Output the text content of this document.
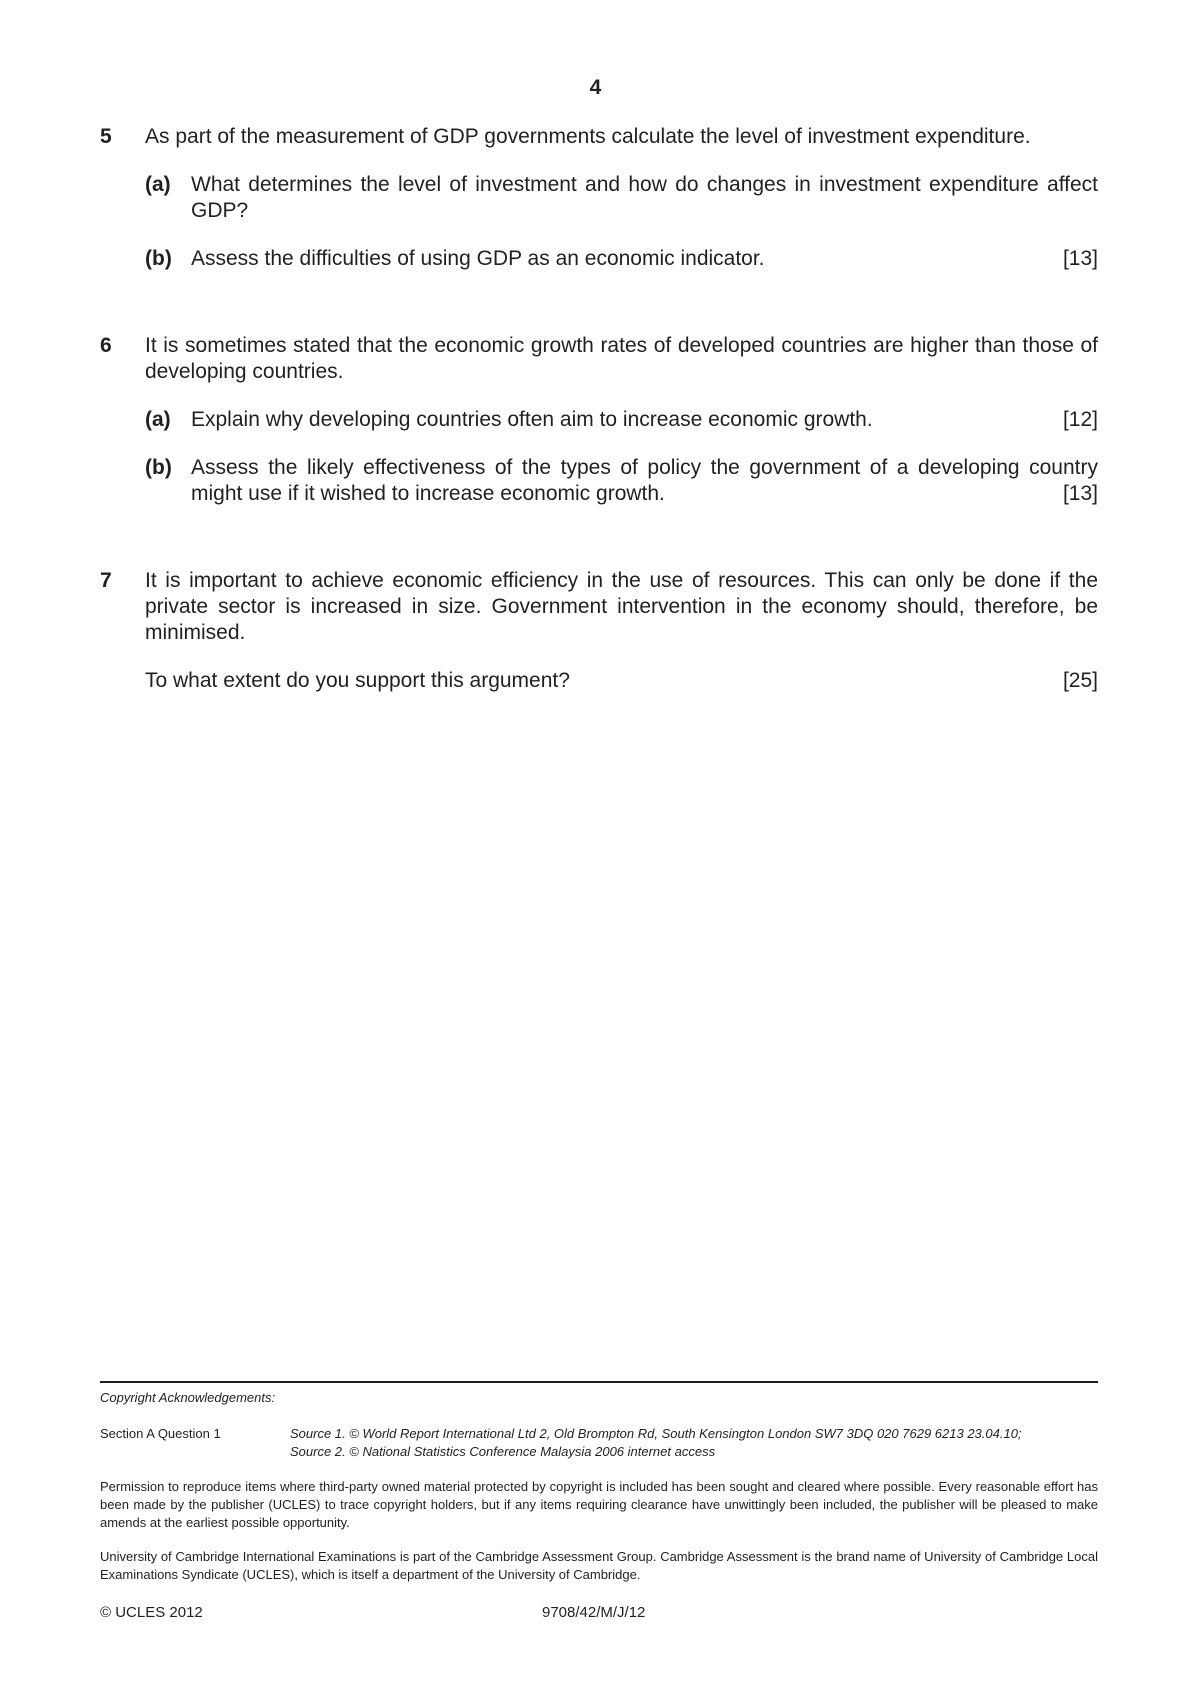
4
5 As part of the measurement of GDP governments calculate the level of investment expenditure.
(a) What determines the level of investment and how do changes in investment expenditure affect GDP?
(b)	[13]
Assess the difficulties of using GDP as an economic indicator.
6 It is sometimes stated that the economic growth rates of developed countries are higher than those of developing countries.
(a)	[12]
Explain why developing countries often aim to increase economic growth.
(b) Assess the likely effectiveness of the types of policy the government of a developing country might use if it wished to increase economic growth.	[13]
7 It is important to achieve economic efficiency in the use of resources. This can only be done if the private sector is increased in size. Government intervention in the economy should, therefore, be minimised.
[25]
To what extent do you support this argument?
Copyright Acknowledgements:
Section A Question 1	Source 1. © World Report International Ltd 2, Old Brompton Rd, South Kensington London SW7 3DQ 020 7629 6213 23.04.10;
Source 2. © National Statistics Conference Malaysia 2006 internet access
Permission to reproduce items where third-party owned material protected by copyright is included has been sought and cleared where possible. Every reasonable effort has been made by the publisher (UCLES) to trace copyright holders, but if any items requiring clearance have unwittingly been included, the publisher will be pleased to make amends at the earliest possible opportunity.
University of Cambridge International Examinations is part of the Cambridge Assessment Group. Cambridge Assessment is the brand name of University of Cambridge Local Examinations Syndicate (UCLES), which is itself a department of the University of Cambridge.
© UCLES 2012	9708/42/M/J/12
